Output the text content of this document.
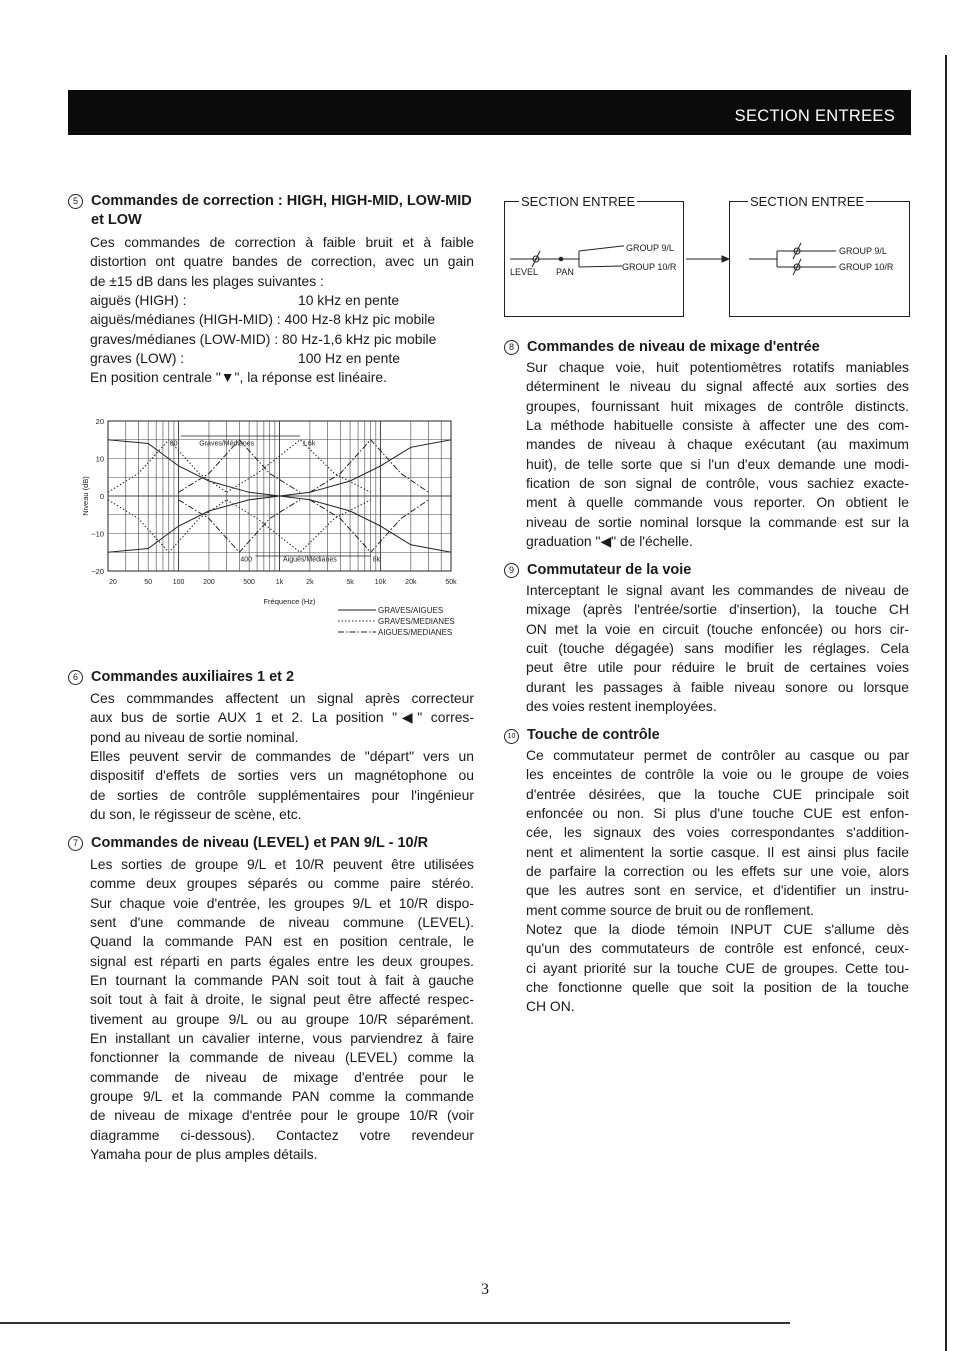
SECTION ENTREES
5 Commandes de correction : HIGH, HIGH-MID, LOW-MID et LOW

Ces commandes de correction à faible bruit et à faible

distortion ont quatre bandes de correction, avec un gain

de ±15 dB dans les plages suivantes :

aiguës (HIGH) :	10 kHz en pente
aiguës/médianes (HIGH-MID) :
400 Hz-8 kHz pic mobile
graves/médianes (LOW-MID) :
80 Hz-1,6 kHz pic mobile
graves (LOW) :	100 Hz en pente

En position centrale "▼", la réponse est linéaire.

20
10
0
−10
−20
20	50	100	200	500	1k	2k	5k	10k	20k	50k
Fréquence (Hz)
Niveau (dB)
80	Graves/Médianes	1.6k
400	Aiguës/Médianes	8k
GRAVES/AIGUES
GRAVES/MEDIANES
AIGUES/MEDIANES
6 Commandes auxiliaires 1 et 2

Ces commmandes affectent un signal après correcteur

aux bus de sortie AUX 1 et 2. La position "◀" corres-

pond au niveau de sortie nominal.

Elles peuvent servir de commandes de "départ" vers un

dispositif d'effets de sorties vers un magnétophone ou

de sorties de contrôle supplémentaires pour l'ingénieur

du son, le régisseur de scène, etc.

7 Commandes de niveau (LEVEL) et PAN 9/L - 10/R

Les sorties de groupe 9/L et 10/R peuvent être utilisées

comme deux groupes séparés ou comme paire stéréo.

Sur chaque voie d'entrée, les groupes 9/L et 10/R dispo-

sent d'une commande de niveau commune (LEVEL).

Quand la commande PAN est en position centrale, le

signal est réparti en parts égales entre les deux groupes.

En tournant la commande PAN soit tout à fait à gauche

soit tout à fait à droite, le signal peut être affecté respec-

tivement au groupe 9/L ou au groupe 10/R séparément.

En installant un cavalier interne, vous parviendrez à faire

fonctionner la commande de niveau (LEVEL) comme la

commande de niveau de mixage d'entrée pour le

groupe 9/L et la commande PAN comme la commande

de niveau de mixage d'entrée pour le groupe 10/R (voir

diagramme ci-dessous). Contactez votre revendeur

Yamaha pour de plus amples détails.

SECTION ENTREE	SECTION ENTREE
GROUP 9/L
GROUP 10/R
LEVEL PAN
GROUP 9/L
GROUP 10/R
8 Commandes de niveau de mixage d'entrée

Sur chaque voie, huit potentiomètres rotatifs maniables

déterminent le niveau du signal affecté aux sorties des

groupes, fournissant huit mixages de contrôle distincts.

La méthode habituelle consiste à affecter une des com-

mandes de niveau à chaque exécutant (au maximum

huit), de telle sorte que si l'un d'eux demande une modi-

fication de son signal de contrôle, vous sachiez exacte-

ment à quelle commande vous reporter. On obtient le

niveau de sortie nominal lorsque la commande est sur la

graduation "◀" de l'échelle.

9 Commutateur de la voie

Interceptant le signal avant les commandes de niveau de

mixage (après l'entrée/sortie d'insertion), la touche CH

ON met la voie en circuit (touche enfoncée) ou hors cir-

cuit (touche dégagée) sans modifier les réglages. Cela

peut être utile pour réduire le bruit de certaines voies

durant les passages à faible niveau sonore ou lorsque

des voies restent inemployées.

10 Touche de contrôle

Ce commutateur permet de contrôler au casque ou par

les enceintes de contrôle la voie ou le groupe de voies

d'entrée désirées, que la touche CUE principale soit

enfoncée ou non. Si plus d'une touche CUE est enfon-

cée, les signaux des voies correspondantes s'addition-

nent et alimentent la sortie casque. Il est ainsi plus facile

de parfaire la correction ou les effets sur une voie, alors

que les autres sont en service, et d'identifier un instru-

ment comme source de bruit ou de ronflement.

Notez que la diode témoin INPUT CUE s'allume dès

qu'un des commutateurs de contrôle est enfoncé, ceux-

ci ayant priorité sur la touche CUE de groupes. Cette tou-

che fonctionne quelle que soit la position de la touche

CH ON.

3
